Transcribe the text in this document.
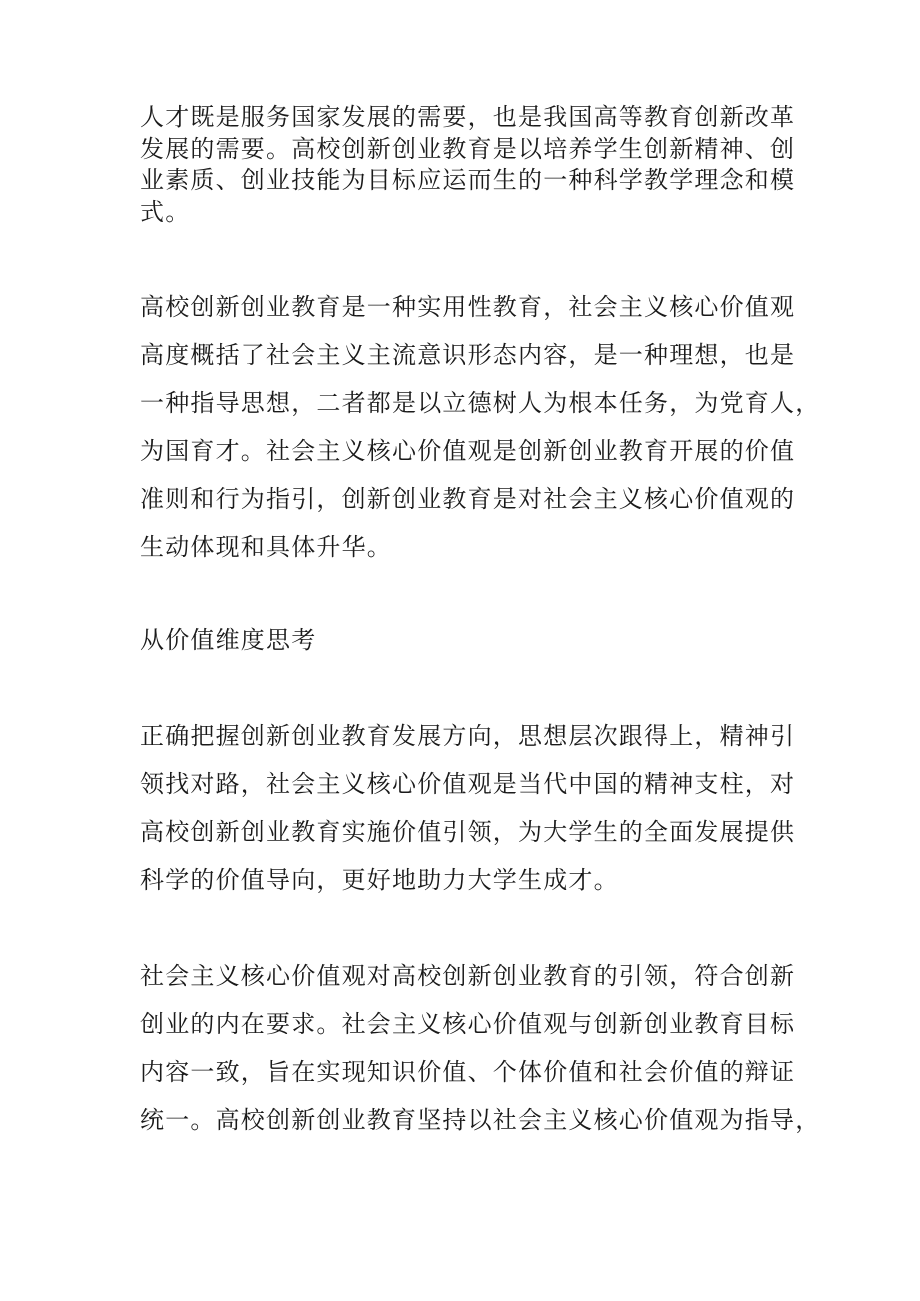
人才既是服务国家发展的需要，也是我国高等教育创新改革
发展的需要。高校创新创业教育是以培养学生创新精神、创
业素质、创业技能为目标应运而生的一种科学教学理念和模
式。
高校创新创业教育是一种实用性教育，社会主义核心价值观
高度概括了社会主义主流意识形态内容，是一种理想，也是
一种指导思想，二者都是以立德树人为根本任务，为党育人，
为国育才。社会主义核心价值观是创新创业教育开展的价值
准则和行为指引，创新创业教育是对社会主义核心价值观的
生动体现和具体升华。
从价值维度思考
正确把握创新创业教育发展方向，思想层次跟得上，精神引
领找对路，社会主义核心价值观是当代中国的精神支柱，对
高校创新创业教育实施价值引领，为大学生的全面发展提供
科学的价值导向，更好地助力大学生成才。
社会主义核心价值观对高校创新创业教育的引领，符合创新
创业的内在要求。社会主义核心价值观与创新创业教育目标
内容一致，旨在实现知识价值、个体价值和社会价值的辩证
统一。高校创新创业教育坚持以社会主义核心价值观为指导，
